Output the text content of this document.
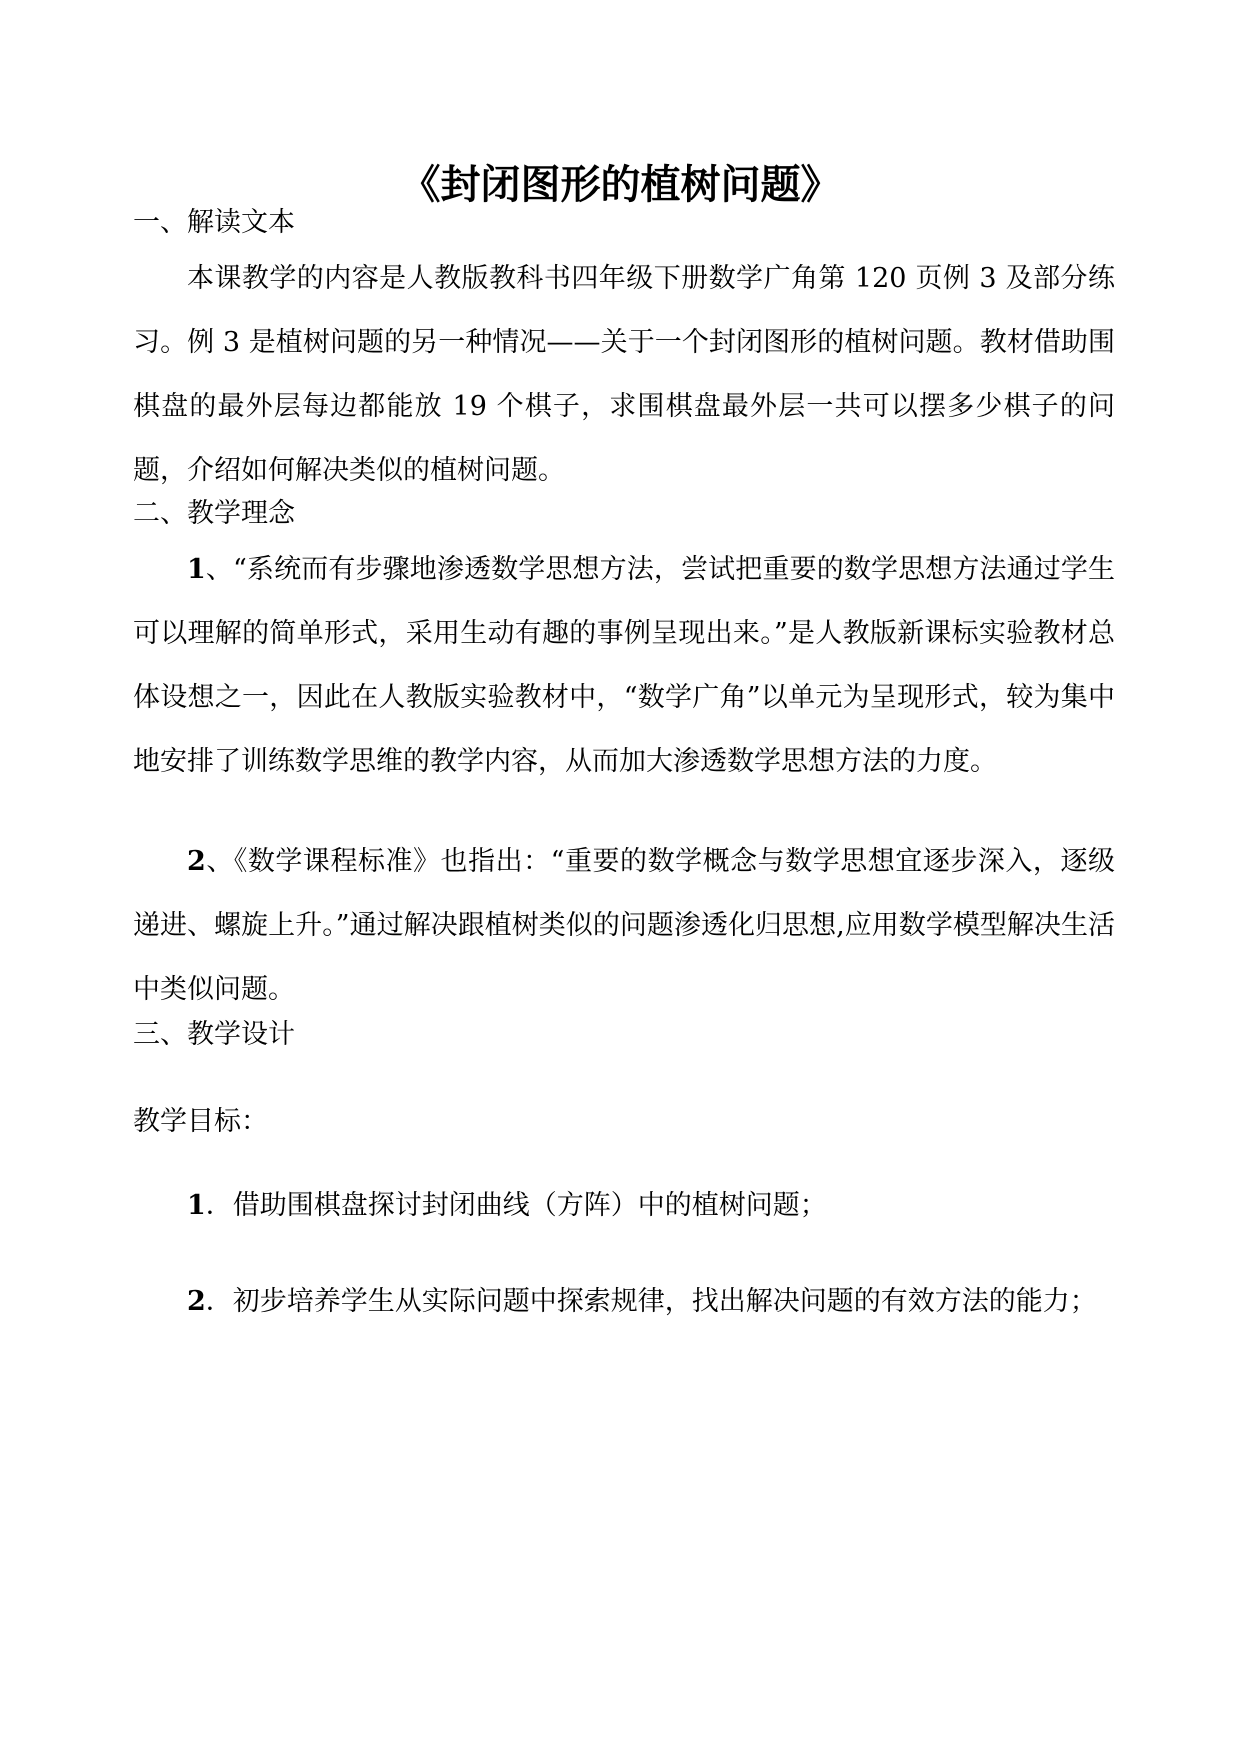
《封闭图形的植树问题》
一、解读文本
本课教学的内容是人教版教科书四年级下册数学广角第 120 页例 3 及部分练习。例 3 是植树问题的另一种情况——关于一个封闭图形的植树问题。教材借助围棋盘的最外层每边都能放 19 个棋子，求围棋盘最外层一共可以摆多少棋子的问题，介绍如何解决类似的植树问题。
二、教学理念
1、“系统而有步骤地渗透数学思想方法，尝试把重要的数学思想方法通过学生可以理解的简单形式，采用生动有趣的事例呈现出来。”是人教版新课标实验教材总体设想之一，因此在人教版实验教材中，“数学广角”以单元为呈现形式，较为集中地安排了训练数学思维的教学内容，从而加大渗透数学思想方法的力度。
2、《数学课程标准》也指出：“重要的数学概念与数学思想宜逐步深入，逐级递进、螺旋上升。”通过解决跟植树类似的问题渗透化归思想,应用数学模型解决生活中类似问题。
三、教学设计
教学目标：
1．借助围棋盘探讨封闭曲线（方阵）中的植树问题；
2．初步培养学生从实际问题中探索规律，找出解决问题的有效方法的能力；
